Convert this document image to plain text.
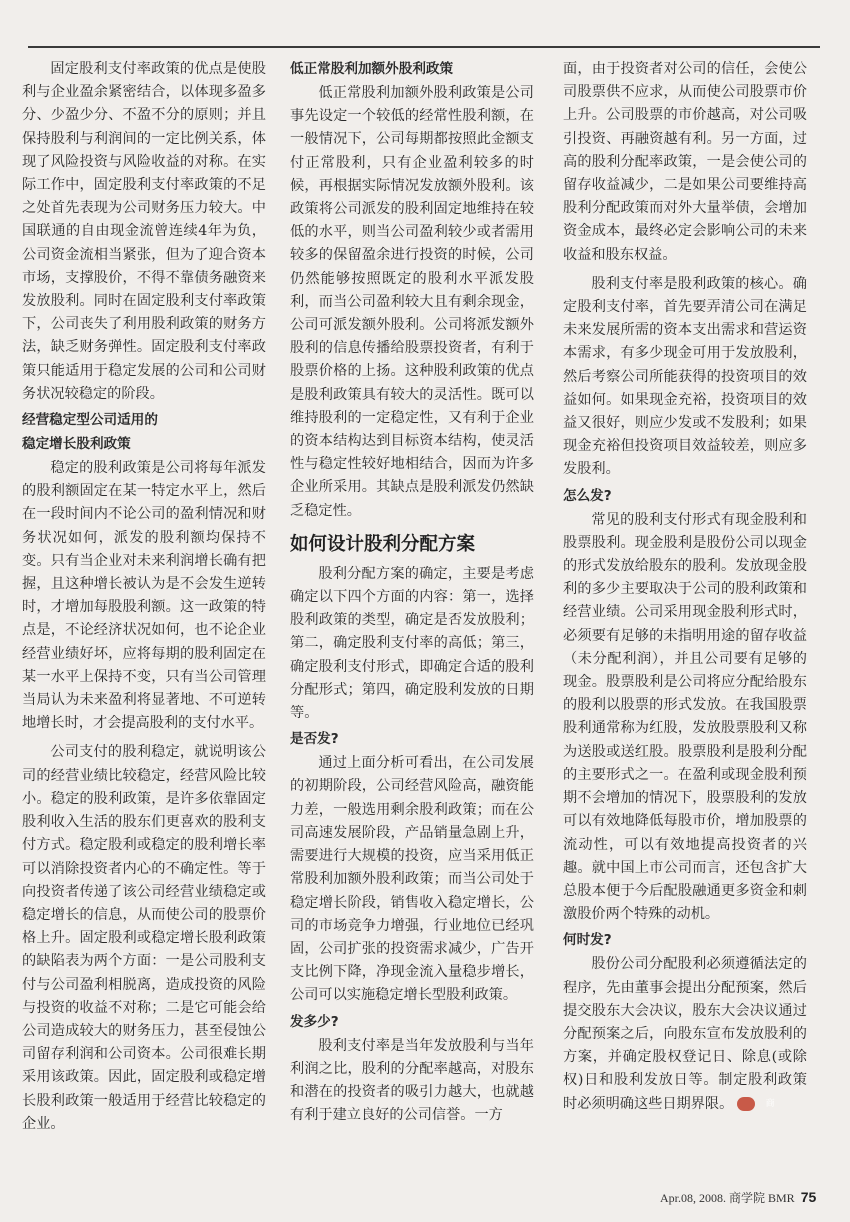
固定股利支付率政策的优点是使股利与企业盈余紧密结合，以体现多盈多分、少盈少分、不盈不分的原则；并且保持股利与利润间的一定比例关系，体现了风险投资与风险收益的对称。在实际工作中，固定股利支付率政策的不足之处首先表现为公司财务压力较大。中国联通的自由现金流曾连续4年为负，公司资金流相当紧张，但为了迎合资本市场，支撑股价，不得不靠债务融资来发放股利。同时在固定股利支付率政策下，公司丧失了利用股利政策的财务方法，缺乏财务弹性。固定股利支付率政策只能适用于稳定发展的公司和公司财务状况较稳定的阶段。

经营稳定型公司适用的
稳定增长股利政策

稳定的股利政策是公司将每年派发的股利额固定在某一特定水平上，然后在一段时间内不论公司的盈利情况和财务状况如何，派发的股利额均保持不变。只有当企业对未来利润增长确有把握，且这种增长被认为是不会发生逆转时，才增加每股股利额。这一政策的特点是，不论经济状况如何，也不论企业经营业绩好坏，应将每期的股利固定在某一水平上保持不变，只有当公司管理当局认为未来盈利将显著地、不可逆转地增长时，才会提高股利的支付水平。

公司支付的股利稳定，就说明该公司的经营业绩比较稳定，经营风险比较小。稳定的股利政策，是许多依靠固定股利收入生活的股东们更喜欢的股利支付方式。稳定股利或稳定的股利增长率可以消除投资者内心的不确定性。等于向投资者传递了该公司经营业绩稳定或稳定增长的信息，从而使公司的股票价格上升。固定股利或稳定增长股利政策的缺陷表为两个方面：一是公司股利支付与公司盈利相脱离，造成投资的风险与投资的收益不对称；二是它可能会给公司造成较大的财务压力，甚至侵蚀公司留存利润和公司资本。公司很难长期采用该政策。因此，固定股利或稳定增长股利政策一般适用于经营比较稳定的企业。

低正常股利加额外股利政策

低正常股利加额外股利政策是公司事先设定一个较低的经常性股利额，在一般情况下，公司每期都按照此金额支付正常股利，只有企业盈利较多的时候，再根据实际情况发放额外股利。该政策将公司派发的股利固定地维持在较低的水平，则当公司盈利较少或者需用较多的保留盈余进行投资的时候，公司仍然能够按照既定的股利水平派发股利，而当公司盈利较大且有剩余现金，公司可派发额外股利。公司将派发额外股利的信息传播给股票投资者，有利于股票价格的上扬。这种股利政策的优点是股利政策具有较大的灵活性。既可以维持股利的一定稳定性，又有利于企业的资本结构达到目标资本结构，使灵活性与稳定性较好地相结合，因而为许多企业所采用。其缺点是股利派发仍然缺乏稳定性。

如何设计股利分配方案

股利分配方案的确定，主要是考虑确定以下四个方面的内容：第一，选择股利政策的类型，确定是否发放股利；第二，确定股利支付率的高低；第三，确定股利支付形式，即确定合适的股利分配形式；第四，确定股利发放的日期等。

是否发?

通过上面分析可看出，在公司发展的初期阶段，公司经营风险高，融资能力差，一般选用剩余股利政策；而在公司高速发展阶段，产品销量急剧上升，需要进行大规模的投资，应当采用低正常股利加额外股利政策；而当公司处于稳定增长阶段，销售收入稳定增长，公司的市场竞争力增强，行业地位已经巩固，公司扩张的投资需求减少，广告开支比例下降，净现金流入量稳步增长，公司可以实施稳定增长型股利政策。

发多少?

股利支付率是当年发放股利与当年利润之比，股利的分配率越高，对股东和潜在的投资者的吸引力越大，也就越有利于建立良好的公司信誉。一方

面，由于投资者对公司的信任，会使公司股票供不应求，从而使公司股票市价上升。公司股票的市价越高，对公司吸引投资、再融资越有利。另一方面，过高的股利分配率政策，一是会使公司的留存收益减少，二是如果公司要维持高股利分配政策而对外大量举债，会增加资金成本，最终必定会影响公司的未来收益和股东权益。

股利支付率是股利政策的核心。确定股利支付率，首先要弄清公司在满足未来发展所需的资本支出需求和营运资本需求，有多少现金可用于发放股利，然后考察公司所能获得的投资项目的效益如何。如果现金充裕，投资项目的效益又很好，则应少发或不发股利；如果现金充裕但投资项目效益较差，则应多发股利。

怎么发?

常见的股利支付形式有现金股利和股票股利。现金股利是股份公司以现金的形式发放给股东的股利。发放现金股利的多少主要取决于公司的股利政策和经营业绩。公司采用现金股利形式时，必须要有足够的未指明用途的留存收益（未分配利润），并且公司要有足够的现金。股票股利是公司将应分配给股东的股利以股票的形式发放。在我国股票股利通常称为红股，发放股票股利又称为送股或送红股。股票股利是股利分配的主要形式之一。在盈利或现金股利预期不会增加的情况下，股票股利的发放可以有效地降低每股市价，增加股票的流动性，可以有效地提高投资者的兴趣。就中国上市公司而言，还包含扩大总股本便于今后配股融通更多资金和刺激股价两个特殊的动机。

何时发?

股份公司分配股利必须遵循法定的程序，先由董事会提出分配预案，然后提交股东大会决议，股东大会决议通过分配预案之后，向股东宣布发放股利的方案，并确定股权登记日、除息(或除权)日和股利发放日等。制定股利政策时必须明确这些日期界限。	商

Apr.08, 2008. 商学院 BMR 75
